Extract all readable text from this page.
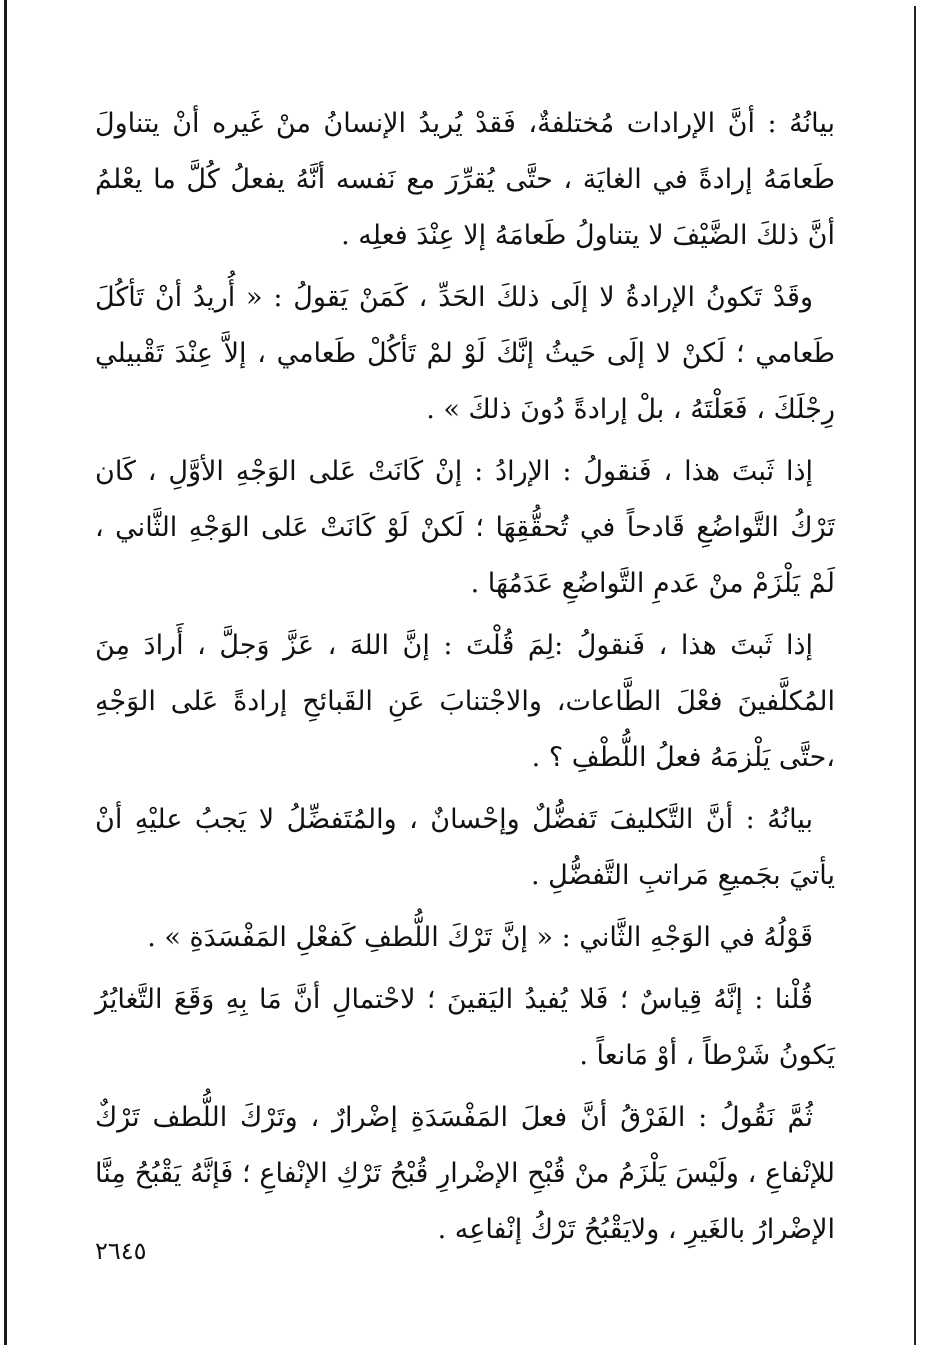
بيانُهُ : أنَّ الإرادات مُختلفةٌ، فَقدْ يُريدُ الإنسانُ منْ غَيره أنْ يتناولَ طَعامَهُ إرادةً في الغايَة ، حتَّى يُقرِّرَ مع نَفسه أنَّهُ يفعلُ كُلَّ ما يعْلمُ أنَّ ذلكَ الضَّيْفَ لا يتناولُ طَعامَهُ إلا عِنْدَ فعلِه .

وقَدْ تَكونُ الإرادةُ لا إلَى ذلكَ الحَدِّ ، كَمَنْ يَقولُ : « أُريدُ أنْ تَأكُلَ طَعامي ؛ لَكنْ لا إلَى حَيثُ إنَّكَ لَوْ لمْ تَأكُلْ طَعامي ، إلاَّ عِنْدَ تَقْبيلي رِجْلَكَ ، فَعَلْتَهُ ، بلْ إرادةً دُونَ ذلكَ » .

إذا ثَبتَ هذا ، فَنقولُ : الإرادُ : إنْ كَانَتْ عَلى الوَجْهِ الأوَّلِ ، كَان تَرْكُ التَّواضُعِ قَادحاً في تُحقُّقِهَا ؛ لَكنْ لَوْ كَانَتْ عَلى الوَجْهِ الثَّاني ، لَمْ يَلْزَمْ منْ عَدمِ التَّواضُعِ عَدَمُهَا .

إذا ثَبتَ هذا ، فَنقولُ :لِمَ قُلْتَ : إنَّ اللهَ ، عَزَّ وَجلَّ ، أَرادَ مِنَ المُكلَّفينَ فعْلَ الطَّاعات، والاجْتنابَ عَنِ القَبائحِ إرادةً عَلى الوَجْهِ ،حتَّى يَلْزمَهُ فعلُ اللُّطْفِ ؟ .

بيانُهُ : أنَّ التَّكليفَ تَفضُّلٌ وإحْسانٌ ، والمُتَفضِّلُ لا يَجبُ عليْهِ أنْ يأتيَ بجَميعِ مَراتبِ التَّفضُّلِ .

قَوْلُهُ في الوَجْهِ الثَّاني : « إنَّ تَرْكَ اللُّطفِ كَفعْلِ المَفْسَدَةِ » .

قُلْنا : إنَّهُ قِياسٌ ؛ فَلا يُفيدُ اليَقينَ ؛ لاحْتمالِ أنَّ مَا بِهِ وَقَعَ التَّغايُرُ يَكونُ شَرْطاً ، أوْ مَانعاً .

ثُمَّ نَقُولُ : الفَرْقُ أنَّ فعلَ المَفْسَدَةِ إضْرارٌ ، وتَرْكَ اللُّطف تَرْكٌ للإنْفاعِ ، ولَيْسَ يَلْزَمُ منْ قُبْحِ الإضْرارِ قُبْحُ تَرْكِ الإنْفاعِ ؛ فَإنَّهُ يَقْبُحُ مِنَّا الإضْرارُ بالغَيرِ ، ولايَقْبُحُ تَرْكُ إنْفاعِه .

٢٦٤٥
